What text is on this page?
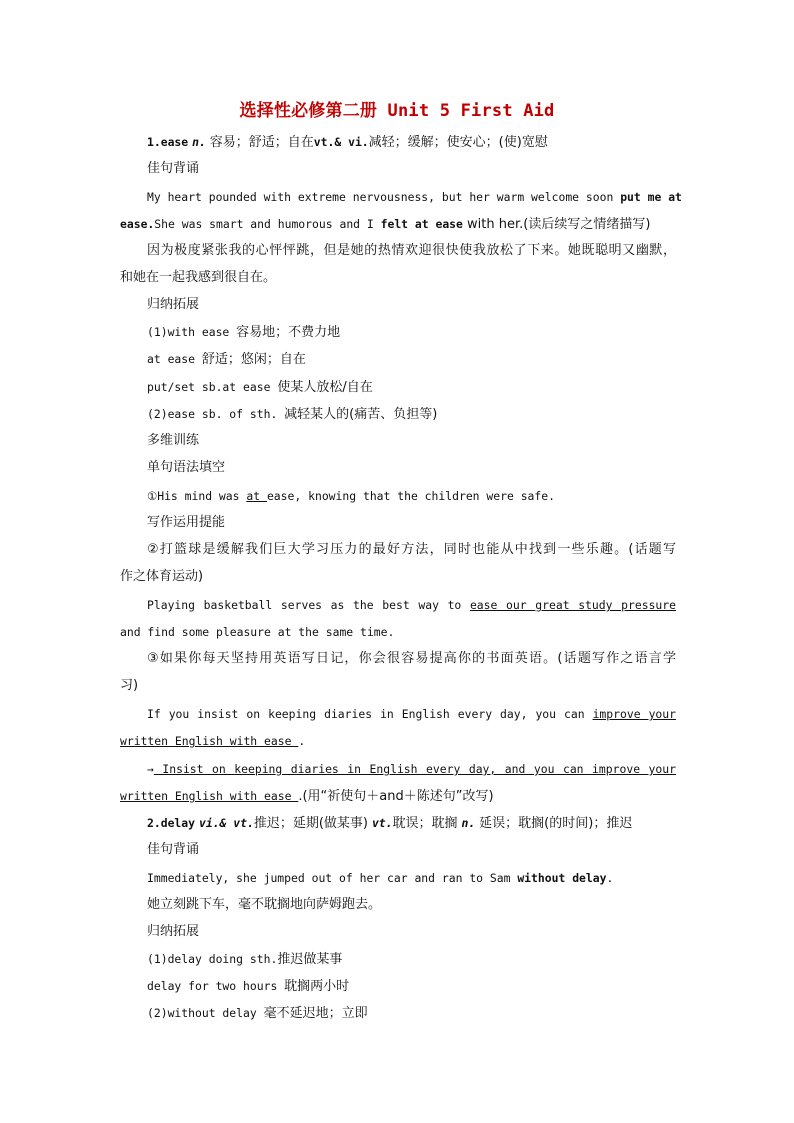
选择性必修第二册 Unit 5 First Aid
1.ease n. 容易；舒适；自在vt.& vi.减轻；缓解；使安心；(使)宽慰
佳句背诵
My heart pounded with extreme nervousness, but her warm welcome soon put me at
ease.She was smart and humorous and I felt at ease with her.(读后续写之情绪描写)
因为极度紧张我的心怦怦跳，但是她的热情欢迎很快使我放松了下来。她既聪明又幽默，
和她在一起我感到很自在。
归纳拓展
(1)with ease 容易地；不费力地
at ease 舒适；悠闲；自在
put/set sb.at ease 使某人放松/自在
(2)ease sb. of sth. 减轻某人的(痛苦、负担等)
多维训练
单句语法填空
①His mind was at ease, knowing that the children were safe.
写作运用提能
②打篮球是缓解我们巨大学习压力的最好方法，同时也能从中找到一些乐趣。(话题写
作之体育运动)
Playing basketball serves as the best way to ease our great study pressure
and find some pleasure at the same time.
③如果你每天坚持用英语写日记，你会很容易提高你的书面英语。(话题写作之语言学
习)
If you insist on keeping diaries in English every day, you can improve your
written English with ease .
→ Insist on keeping diaries in English every day, and you can improve your
written English with ease .(用“祈使句＋and＋陈述句”改写)
2.delay vi.& vt.推迟；延期(做某事) vt.耽误；耽搁 n. 延误；耽搁(的时间)；推迟
佳句背诵
Immediately, she jumped out of her car and ran to Sam without delay.
她立刻跳下车，毫不耽搁地向萨姆跑去。
归纳拓展
(1)delay doing sth.推迟做某事
delay for two hours 耽搁两小时
(2)without delay 毫不延迟地；立即
